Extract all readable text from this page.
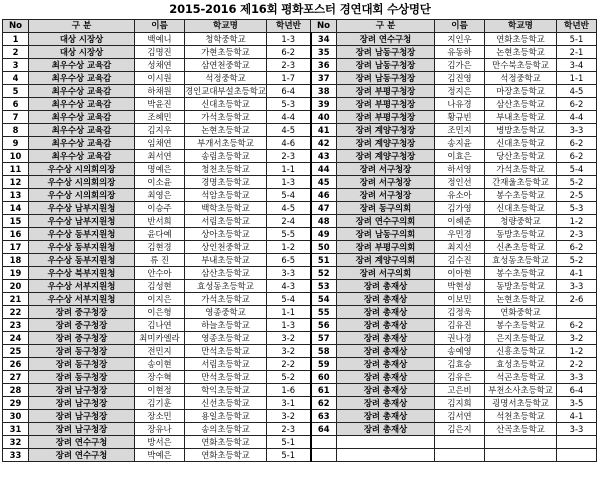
2015-2016 제16회 평화포스터 경연대회 수상명단
No	구 분	이름	학교명	학년반	No	구 분	이름	학교명	학년반
1	대상 시장상	백예니	청학중학교	1-3	34	장려 연수구청	지인우	연화초등학교	5-1
2	대상 시장상	김명진	가현초등학교	6-2	35	장려 남동구청장	유동하	논현초등학교	2-1
3	최우수상 교육감	성채연	삼연천중학교	2-3	36	장려 남동구청장	김가은	만수북초등학교	3-4
4	최우수상 교육감	이시원	석정중학교	1-7	37	장려 남동구청장	김진영	석정중학교	1-1
5	최우수상 교육감	하채원	경인교대부설초등학교	6-4	38	장려 부평구청장	정지은	마장초등학교	4-5
6	최우수상 교육감	박윤진	신대초등학교	5-3	39	장려 부평구청장	나유경	삼산초등학교	6-2
7	최우수상 교육감	조혜민	가석초등학교	4-4	40	장려 부평구청장	황규빈	부내초등학교	4-4
8	최우수상 교육감	김지우	논현초등학교	4-5	41	장려 계양구청장	조민지	병방초등학교	3-3
9	최우수상 교육감	임채연	부개서초등학교	4-6	42	장려 계양구청장	송지윤	신대초등학교	6-2
10	최우수상 교육감	최서연	송림초등학교	2-3	43	장려 계양구청장	이효은	당산초등학교	6-2
11	우수상 시의회의장	명예은	청천초등학교	1-1	44	장려 서구청장	하서영	가석초등학교	5-4
12	우수상 시의회의장	이소윤	경명초등학교	1-3	45	장려 서구청장	정인선	간재울초등학교	5-2
13	우수상 시의회의장	최영은	석암초등학교	5-4	46	장려 서구청장	유소아	봉수초등학교	2-5
14	우수상 남부지원청	이승주	백학초등학교	4-5	47	장려 동구의회	김가영	신대초등학교	5-3
15	우수상 남부지원청	반서희	서림초등학교	2-4	48	장려 연수구의회	이혜준	청량중학교	1-2
16	우수상 동부지원청	윤다예	상아초등학교	5-5	49	장려 남동구의회	우민경	동방초등학교	2-3
17	우수상 동부지원청	김현경	상인천중학교	1-2	50	장려 부평구의회	최지선	신촌초등학교	6-2
18	우수상 동부지원청	류 진	부내초등학교	6-5	51	장려 계양구의회	김수진	효성동초등학교	5-2
19	우수상 북부지원청	안수아	삼산초등학교	3-3	52	장려 서구의회	이아현	봉수초등학교	4-1
20	우수상 서부지원청	김성현	효성동초등학교	4-3	53	장려 총재상	박현성	동방초등학교	3-3
21	우수상 서부지원청	이지은	가석초등학교	5-4	54	장려 총재상	이보민	논현초등학교	2-6
22	장려 중구청장	이은형	영종중학교	1-1	55	장려 총재상	김정욱	연화중학교	
23	장려 중구청장	김나연	하늘초등학교	1-3	56	장려 총재상	김유진	봉수초등학교	6-2
24	장려 중구청장	최미카엘라	영종초등학교	3-2	57	장려 총재상	권나경	은지초등학교	3-2
25	장려 동구청장	전민지	만석초등학교	3-2	58	장려 총재상	송예영	신흥초등학교	1-2
26	장려 동구청장	송이현	서림초등학교	2-2	59	장려 총재상	김효승	효성초등학교	2-2
27	장려 동구청장	장수혁	만석초등학교	5-2	60	장려 총재상	김유은	석곤초등학교	3-3
28	장려 남구청장	이현정	학익초등학교	1-6	61	장려 총재상	고은비	부천소사초등학교	6-4
29	장려 남구청장	김기훈	신선초등학교	3-1	62	장려 총재상	김지희	굉명서초등학교	3-5
30	장려 남구청장	장소민	용일초등학교	3-2	63	장려 총재상	김서연	석천초등학교	4-1
31	장려 남구청장	장유나	송의초등학교	2-3	64	장려 총재상	김은지	산곡초등학교	3-3
32	장려 연수구청	방서은	연화초등학교	5-1					
33	장려 연수구청	박예은	연화초등학교	5-1					
